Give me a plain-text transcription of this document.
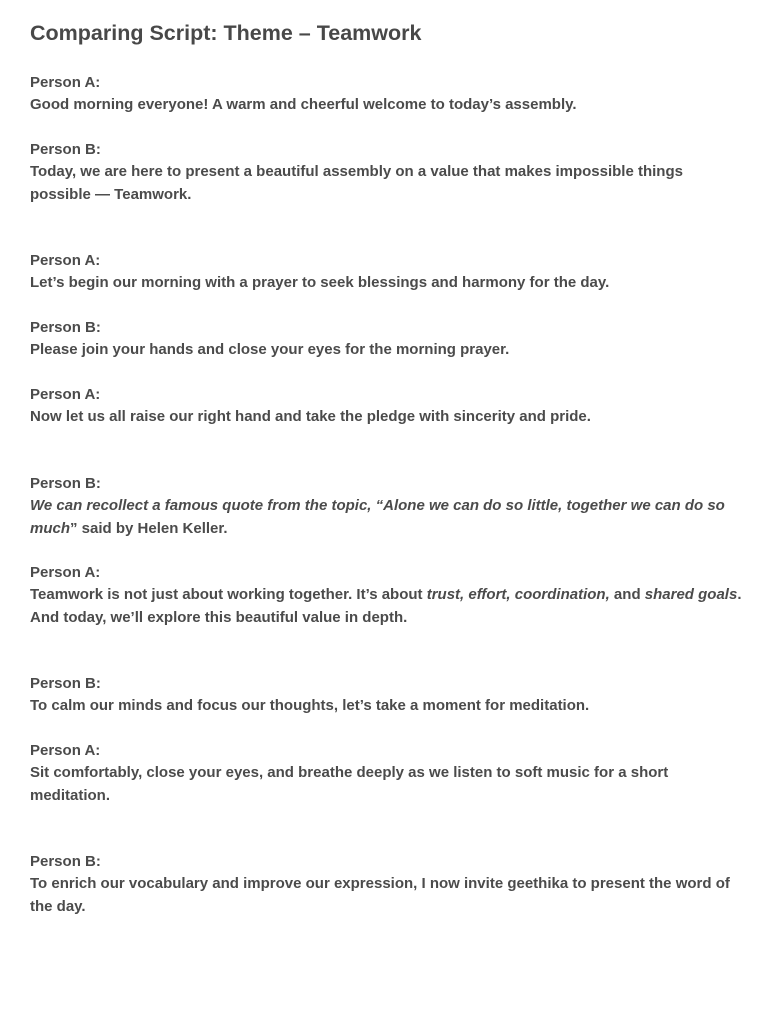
Comparing Script: Theme – Teamwork
Person A:
Good morning everyone! A warm and cheerful welcome to today’s assembly.
Person B:
Today, we are here to present a beautiful assembly on a value that makes impossible things possible — Teamwork.
Person A:
Let’s begin our morning with a prayer to seek blessings and harmony for the day.
Person B:
Please join your hands and close your eyes for the morning prayer.
Person A:
Now let us all raise our right hand and take the pledge with sincerity and pride.
Person B:
We can recollect a famous quote from the topic, “Alone we can do so little, together we can do so much” said by Helen Keller.
Person A:
Teamwork is not just about working together. It’s about trust, effort, coordination, and shared goals. And today, we’ll explore this beautiful value in depth.
Person B:
To calm our minds and focus our thoughts, let’s take a moment for meditation.
Person A:
Sit comfortably, close your eyes, and breathe deeply as we listen to soft music for a short meditation.
Person B:
To enrich our vocabulary and improve our expression, I now invite geethika to present the word of the day.
